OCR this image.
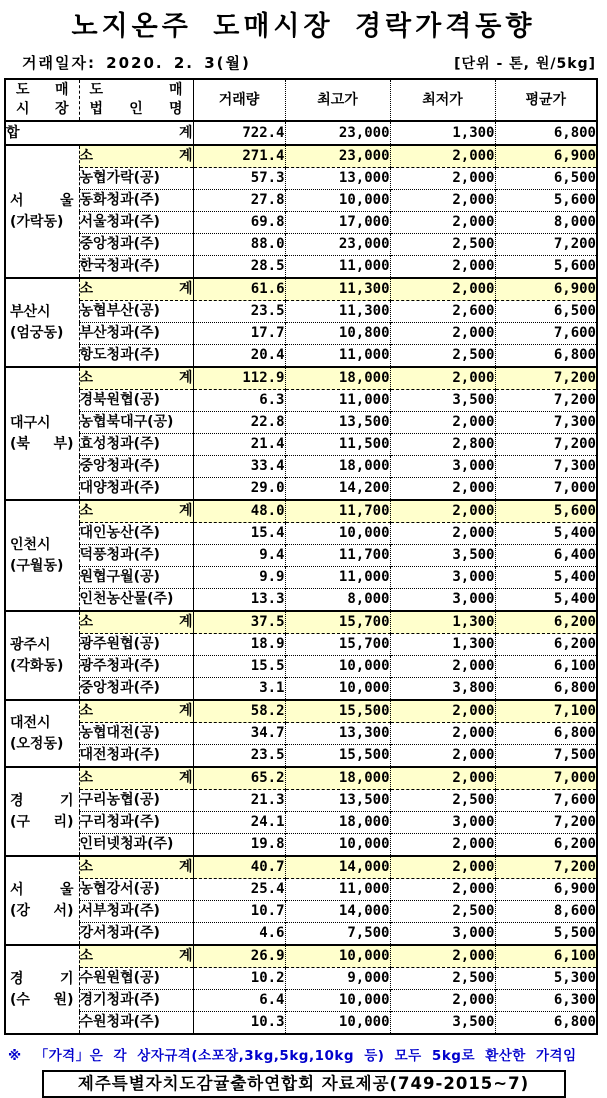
노지온주 도매시장 경락가격동향
거래일자: 2020. 2. 3(월)	[단위 - 톤, 원/5kg]
도 매
시 장

도 매
법 인 명
	거래량	최고가	최저가	평균가
합 계		722.4	23,000	1,300	6,800

서 울
(가락동)	소 계	271.4	23,000	2,000	6,900
	농협가락(공)	57.3	13,000	2,000	6,500
	동화청과(주)	27.8	10,000	2,000	5,600
	서울청과(주)	69.8	17,000	2,000	8,000
	중앙청과(주)	88.0	23,000	2,500	7,200
	한국청과(주)	28.5	11,000	2,000	5,600

부산시
(엄궁동)	소 계	61.6	11,300	2,000	6,900
	농협부산(공)	23.5	11,300	2,600	6,500
	부산청과(주)	17.7	10,800	2,000	7,600
	항도청과(주)	20.4	11,000	2,500	6,800

대구시
(북 부)	소 계	112.9	18,000	2,000	7,200
	경북원협(공)	6.3	11,000	3,500	7,200
	농협북대구(공)	22.8	13,500	2,000	7,300
	효성청과(주)	21.4	11,500	2,800	7,200
	중앙청과(주)	33.4	18,000	3,000	7,300
	대양청과(주)	29.0	14,200	2,000	7,000

인천시
(구월동)	소 계	48.0	11,700	2,000	5,600
	대인농산(주)	15.4	10,000	2,000	5,400
	덕풍청과(주)	9.4	11,700	3,500	6,400
	원협구월(공)	9.9	11,000	3,000	5,400
	인천농산물(주)	13.3	8,000	3,000	5,400

광주시
(각화동)	소 계	37.5	15,700	1,300	6,200
	광주원협(공)	18.9	15,700	1,300	6,200
	광주청과(주)	15.5	10,000	2,000	6,100
	중앙청과(주)	3.1	10,000	3,800	6,800

대전시
(오정동)	소 계	58.2	15,500	2,000	7,100
	농협대전(공)	34.7	13,300	2,000	6,800
	대전청과(주)	23.5	15,500	2,000	7,500

경 기
(구 리)	소 계	65.2	18,000	2,000	7,000
	구리농협(공)	21.3	13,500	2,500	7,600
	구리청과(주)	24.1	18,000	3,000	7,200
	인터넷청과(주)	19.8	10,000	2,000	6,200

서 울
(강 서)	소 계	40.7	14,000	2,000	7,200
	농협강서(공)	25.4	11,000	2,000	6,900
	서부청과(주)	10.7	14,000	2,500	8,600
	강서청과(주)	4.6	7,500	3,000	5,500

경 기
(수 원)	소 계	26.9	10,000	2,000	6,100
	수원원협(공)	10.2	9,000	2,500	5,300
	경기청과(주)	6.4	10,000	2,000	6,300
	수원청과(주)	10.3	10,000	3,500	6,800
※ 「가격」은 각 상자규격(소포장,3kg,5kg,10kg 등) 모두 5kg로 환산한 가격임
제주특별자치도감귤출하연합회 자료제공(749-2015~7)
